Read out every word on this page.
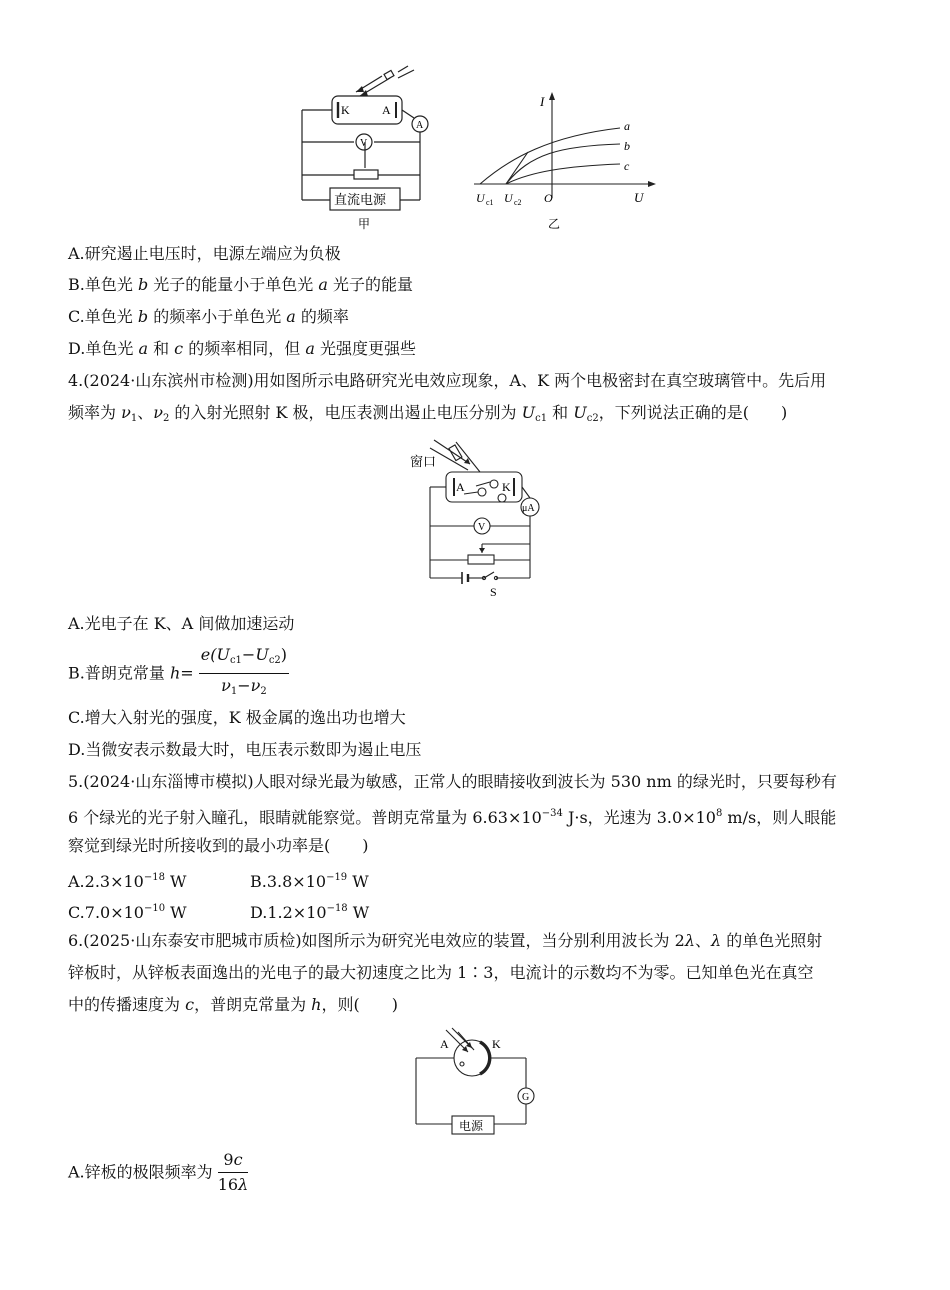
K	A
A
V
直流电源
甲
I
U
O
a
b
c
U c1 U c2
乙
A.研究遏止电压时，电源左端应为负极
B.单色光 b 光子的能量小于单色光 a 光子的能量
C.单色光 b 的频率小于单色光 a 的频率
D.单色光 a 和 c 的频率相同，但 a 光强度更强些
4.(2024·山东滨州市检测)用如图所示电路研究光电效应现象，A、K 两个电极密封在真空玻璃管中。先后用
频率为 $\nu_1$、$\nu_2$ 的入射光照射 K 极，电压表测出遏止电压分别为 $U_{c1}$ 和 $U_{c2}$，下列说法正确的是(　　)
窗口
A	K
μA
V
S
A.光电子在 K、A 间做加速运动
B.普朗克常量 $h= \frac{e(U_{c1}-U_{c2})}{\nu_1-\nu_2}$
C.增大入射光的强度，K 极金属的逸出功也增大
D.当微安表示数最大时，电压表示数即为遏止电压
5.(2024·山东淄博市模拟)人眼对绿光最为敏感，正常人的眼睛接收到波长为 530 nm 的绿光时，只要每秒有
6 个绿光的光子射入瞳孔，眼睛就能察觉。普朗克常量为 $6.63\times 10^{-34}$ J·s，光速为 $3.0\times 10^8$ m/s，则人眼能
察觉到绿光时所接收到的最小功率是(　　)
$A.2.3\times 10^{-18}$ W	$B.3.8\times 10^{-19}$ W
$C.7.0\times 10^{-10}$ W	$D.1.2\times 10^{-18}$ W
6.(2025·山东泰安市肥城市质检)如图所示为研究光电效应的装置，当分别利用波长为 2λ、λ 的单色光照射
锌板时，从锌板表面逸出的光电子的最大初速度之比为 1∶3，电流计的示数均不为零。已知单色光在真空
中的传播速度为 c，普朗克常量为 h，则(　　)
A	K
G
电源
A.锌板的极限频率为 $\frac{9c}{16\lambda}$
